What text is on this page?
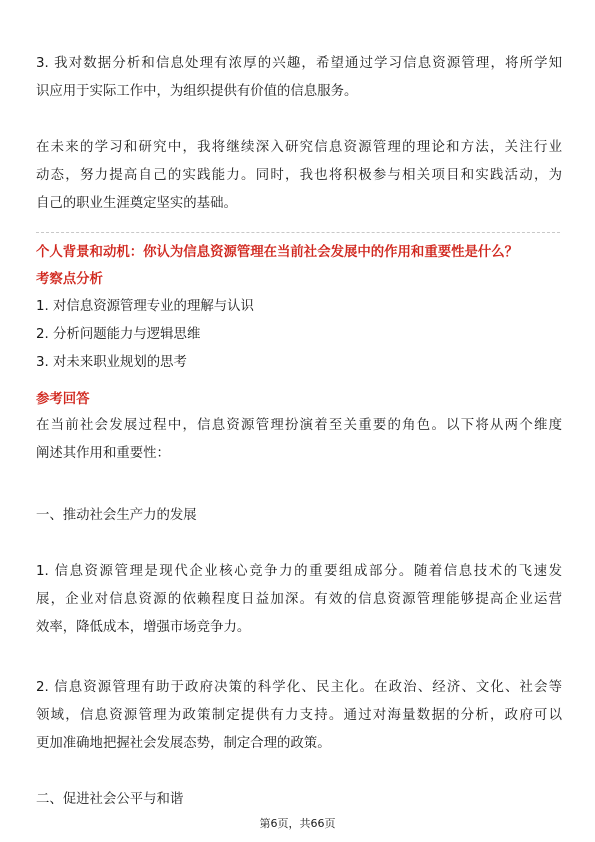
3. 我对数据分析和信息处理有浓厚的兴趣，希望通过学习信息资源管理，将所学知
识应用于实际工作中，为组织提供有价值的信息服务。

在未来的学习和研究中，我将继续深入研究信息资源管理的理论和方法，关注行业
动态，努力提高自己的实践能力。同时，我也将积极参与相关项目和实践活动，为
自己的职业生涯奠定坚实的基础。

个人背景和动机：你认为信息资源管理在当前社会发展中的作用和重要性是什么？

考察点分析

1. 对信息资源管理专业的理解与认识

2. 分析问题能力与逻辑思维

3. 对未来职业规划的思考

参考回答

在当前社会发展过程中，信息资源管理扮演着至关重要的角色。以下将从两个维度
阐述其作用和重要性：

一、推动社会生产力的发展

1. 信息资源管理是现代企业核心竞争力的重要组成部分。随着信息技术的飞速发
展，企业对信息资源的依赖程度日益加深。有效的信息资源管理能够提高企业运营
效率，降低成本，增强市场竞争力。

2. 信息资源管理有助于政府决策的科学化、民主化。在政治、经济、文化、社会等
领域，信息资源管理为政策制定提供有力支持。通过对海量数据的分析，政府可以
更加准确地把握社会发展态势，制定合理的政策。

二、促进社会公平与和谐

第6页，共66页
